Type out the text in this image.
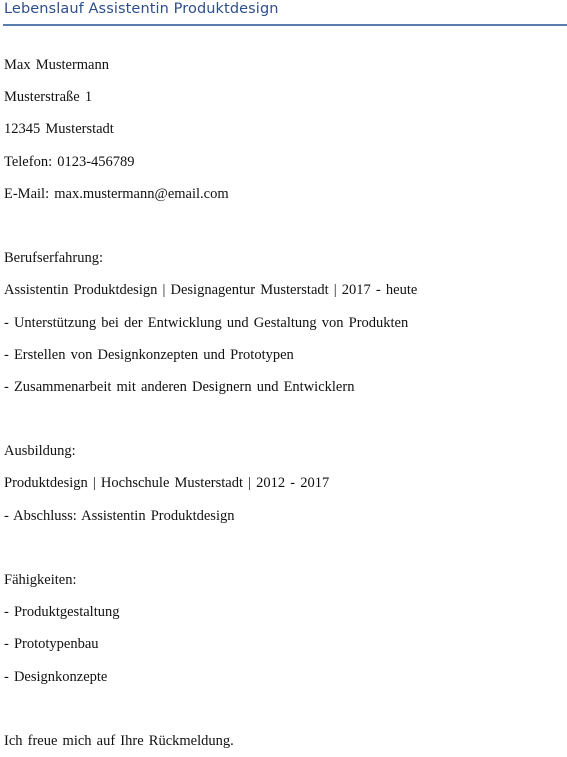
Lebenslauf Assistentin Produktdesign
Max Mustermann
Musterstraße 1
12345 Musterstadt
Telefon: 0123-456789
E-Mail: max.mustermann@email.com
Berufserfahrung:
Assistentin Produktdesign | Designagentur Musterstadt | 2017 - heute
- Unterstützung bei der Entwicklung und Gestaltung von Produkten
- Erstellen von Designkonzepten und Prototypen
- Zusammenarbeit mit anderen Designern und Entwicklern
Ausbildung:
Produktdesign | Hochschule Musterstadt | 2012 - 2017
- Abschluss: Assistentin Produktdesign
Fähigkeiten:
- Produktgestaltung
- Prototypenbau
- Designkonzepte
Ich freue mich auf Ihre Rückmeldung.
